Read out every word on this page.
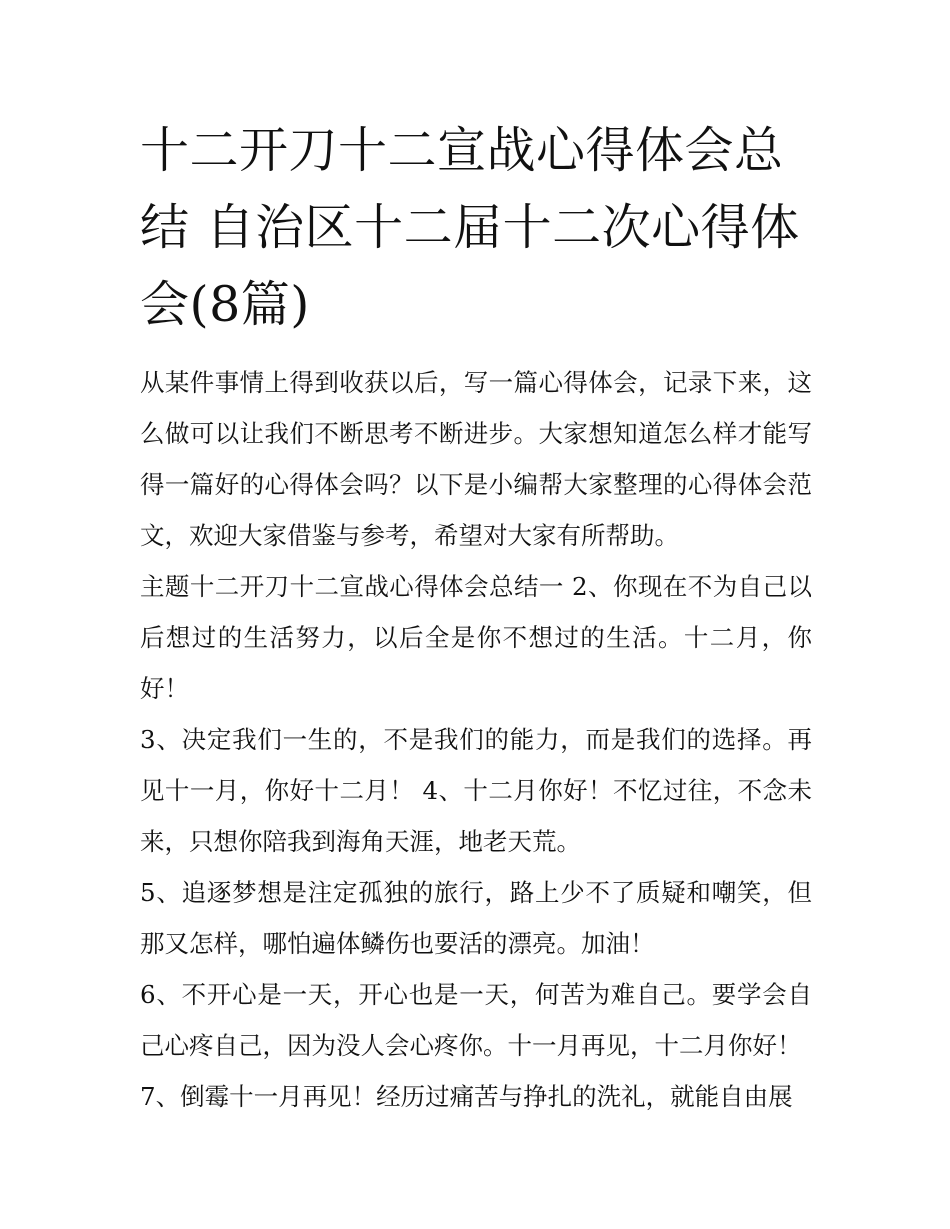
十二开刀十二宣战心得体会总结 自治区十二届十二次心得体会(8篇)

从某件事情上得到收获以后，写一篇心得体会，记录下来，这么做可以让我们不断思考不断进步。大家想知道怎么样才能写得一篇好的心得体会吗？以下是小编帮大家整理的心得体会范文，欢迎大家借鉴与参考，希望对大家有所帮助。

主题十二开刀十二宣战心得体会总结一 2、你现在不为自己以后想过的生活努力，以后全是你不想过的生活。十二月，你好！

3、决定我们一生的，不是我们的能力，而是我们的选择。再见十一月，你好十二月！ 4、十二月你好！不忆过往，不念未来，只想你陪我到海角天涯，地老天荒。

5、追逐梦想是注定孤独的旅行，路上少不了质疑和嘲笑，但那又怎样，哪怕遍体鳞伤也要活的漂亮。加油！

6、不开心是一天，开心也是一天，何苦为难自己。要学会自己心疼自己，因为没人会心疼你。十一月再见，十二月你好！

7、倒霉十一月再见！经历过痛苦与挣扎的洗礼，就能自由展
